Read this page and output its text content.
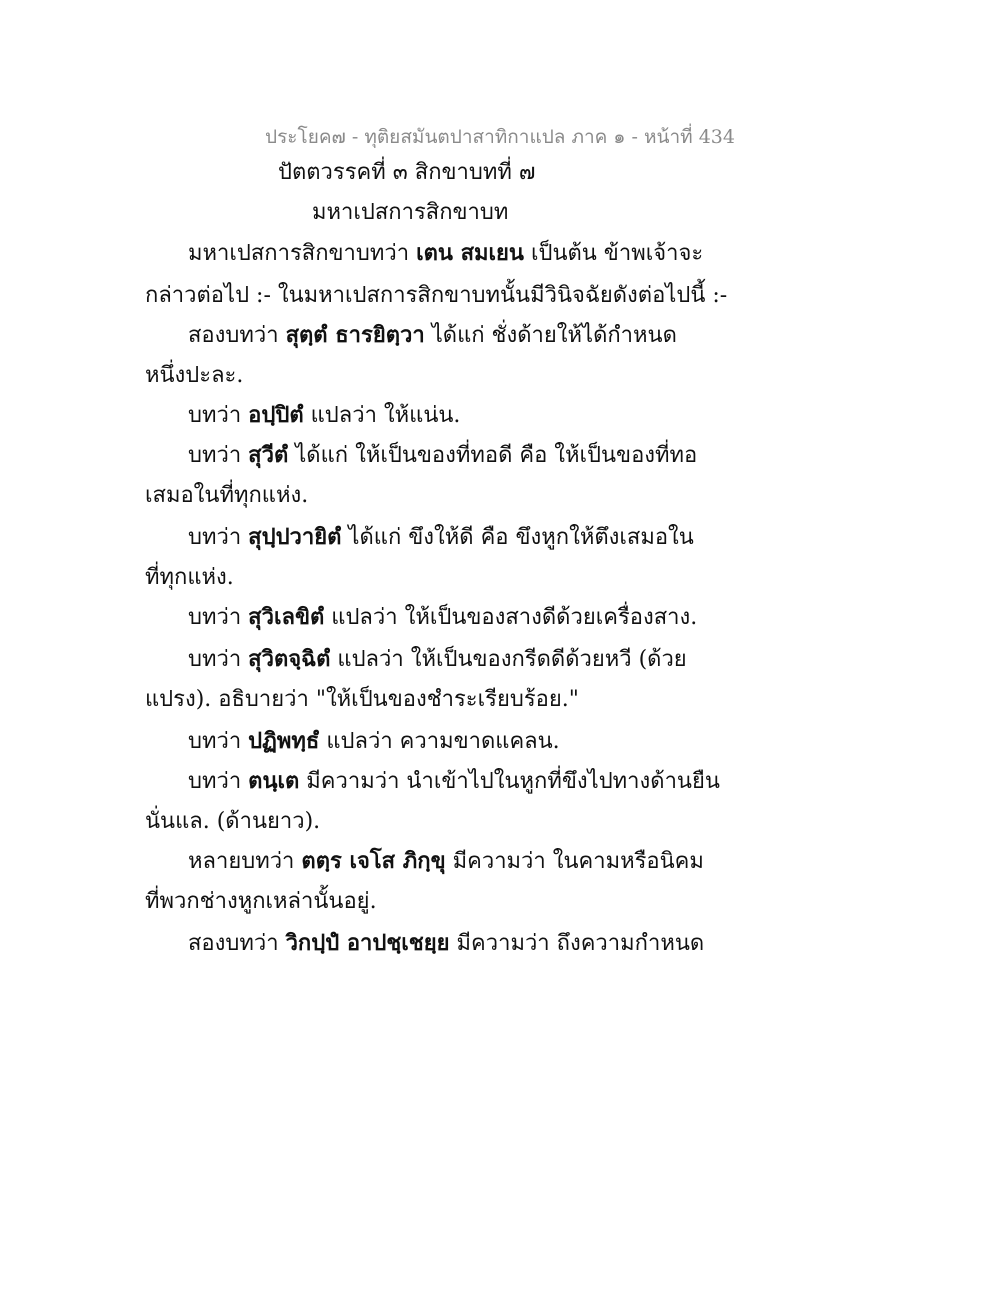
ประโยค๗ - ทุติยสมันตปาสาทิกาแปล ภาค ๑ - หน้าที่ 434
ปัตตวรรคที่ ๓ สิกขาบทที่ ๗
มหาเปสการสิกขาบท
มหาเปสการสิกขาบทว่า เตน สมเยน เป็นต้น ข้าพเจ้าจะ
กล่าวต่อไป :- ในมหาเปสการสิกขาบทนั้นมีวินิจฉัยดังต่อไปนี้ :-
สองบทว่า สุตฺตํ ธารยิตฺวา ได้แก่ ชั่งด้ายให้ได้กำหนด
หนึ่งปะละ.
บทว่า อปฺปิตํ แปลว่า ให้แน่น.
บทว่า สุวีตํ ได้แก่ ให้เป็นของที่ทอดี คือ ให้เป็นของที่ทอ
เสมอในที่ทุกแห่ง.
บทว่า สุปฺปวายิตํ ได้แก่ ขึงให้ดี คือ ขึงหูกให้ตึงเสมอใน
ที่ทุกแห่ง.
บทว่า สุวิเลขิตํ แปลว่า ให้เป็นของสางดีด้วยเครื่องสาง.
บทว่า สุวิตจฺฉิตํ แปลว่า ให้เป็นของกรีดดีด้วยหวี (ด้วย
แปรง). อธิบายว่า "ให้เป็นของชำระเรียบร้อย."
บทว่า ปฏิพทฺธํ แปลว่า ความขาดแคลน.
บทว่า ตนฺเต มีความว่า นำเข้าไปในหูกที่ขึงไปทางด้านยืน
นั่นแล. (ด้านยาว).
หลายบทว่า ตตฺร เจโส ภิกฺขุ มีความว่า ในคามหรือนิคม
ที่พวกช่างหูกเหล่านั้นอยู่.
สองบทว่า วิกปฺปํ อาปชฺเชยฺย มีความว่า ถึงความกำหนด
